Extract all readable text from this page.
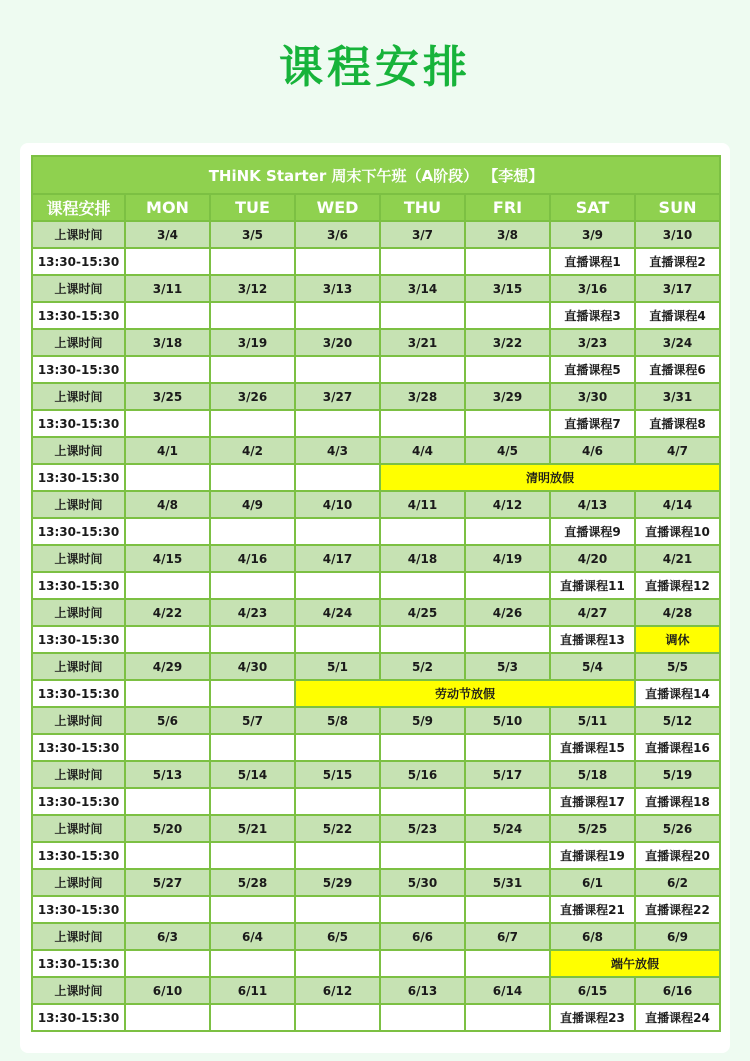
课程安排
THiNK Starter 周末下午班（A阶段） 【李想】							
课程安排	MON	TUE	WED	THU	FRI	SAT	SUN
上课时间	3/4	3/5	3/6	3/7	3/8	3/9	3/10
13:30-15:30						直播课程1	直播课程2
上课时间	3/11	3/12	3/13	3/14	3/15	3/16	3/17
13:30-15:30						直播课程3	直播课程4
上课时间	3/18	3/19	3/20	3/21	3/22	3/23	3/24
13:30-15:30						直播课程5	直播课程6
上课时间	3/25	3/26	3/27	3/28	3/29	3/30	3/31
13:30-15:30						直播课程7	直播课程8
上课时间	4/1	4/2	4/3	4/4	4/5	4/6	4/7
13:30-15:30				清明放假			
上课时间	4/8	4/9	4/10	4/11	4/12	4/13	4/14
13:30-15:30						直播课程9	直播课程10
上课时间	4/15	4/16	4/17	4/18	4/19	4/20	4/21
13:30-15:30						直播课程11	直播课程12
上课时间	4/22	4/23	4/24	4/25	4/26	4/27	4/28
13:30-15:30						直播课程13	调休
上课时间	4/29	4/30	5/1	5/2	5/3	5/4	5/5
13:30-15:30			劳动节放假				直播课程14
上课时间	5/6	5/7	5/8	5/9	5/10	5/11	5/12
13:30-15:30						直播课程15	直播课程16
上课时间	5/13	5/14	5/15	5/16	5/17	5/18	5/19
13:30-15:30						直播课程17	直播课程18
上课时间	5/20	5/21	5/22	5/23	5/24	5/25	5/26
13:30-15:30						直播课程19	直播课程20
上课时间	5/27	5/28	5/29	5/30	5/31	6/1	6/2
13:30-15:30						直播课程21	直播课程22
上课时间	6/3	6/4	6/5	6/6	6/7	6/8	6/9
13:30-15:30						端午放假	
上课时间	6/10	6/11	6/12	6/13	6/14	6/15	6/16
13:30-15:30						直播课程23	直播课程24
